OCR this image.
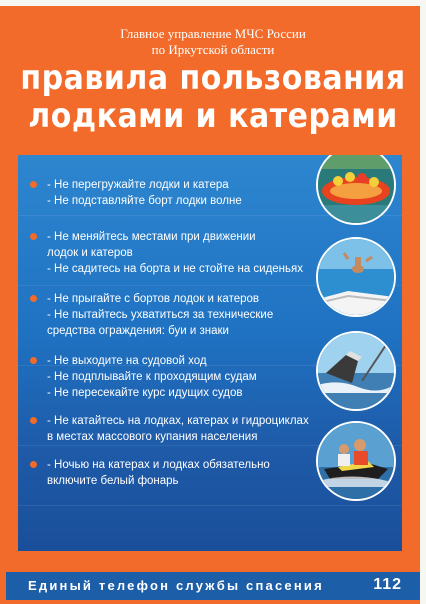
Главное управление МЧС России
по Иркутской области
правила пользования
лодками и катерами
- Не перегружайте лодки и катера
- Не подставляйте борт лодки волне
- Не меняйтесь местами при движении
лодок и катеров
- Не садитесь на борта и не стойте на сиденьях
- Не прыгайте с бортов лодок и катеров
- Не пытайтесь ухватиться за технические
средства ограждения: буи и знаки
- Не выходите на судовой ход
- Не подплывайте к проходящим судам
- Не пересекайте курс идущих судов
- Не катайтесь на лодках, катерах и гидроциклах
в местах массового купания населения
- Ночью на катерах и лодках обязательно
включите белый фонарь
Единый телефон службы спасения	112
